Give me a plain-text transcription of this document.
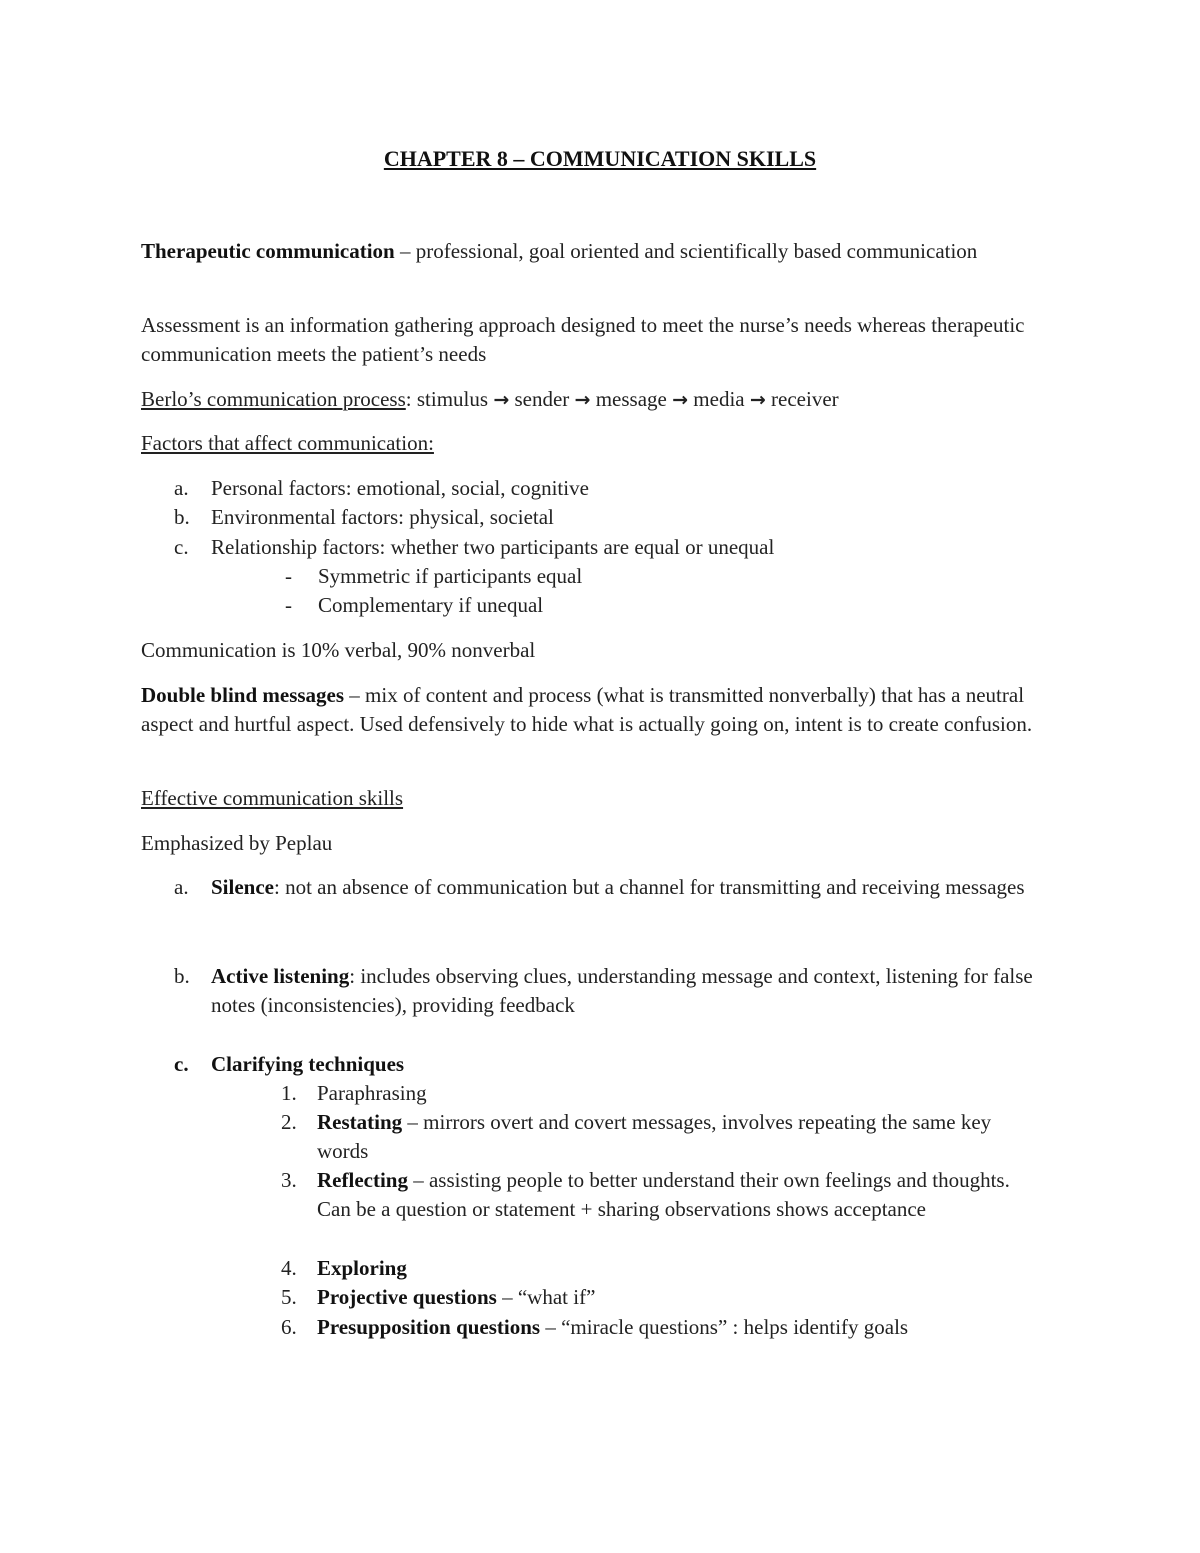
CHAPTER 8 – COMMUNICATION SKILLS
Therapeutic communication – professional, goal oriented and scientifically based communication
Assessment is an information gathering approach designed to meet the nurse’s needs whereas therapeutic communication meets the patient’s needs
Berlo’s communication process: stimulus → sender → message → media → receiver
Factors that affect communication:
a.	Personal factors: emotional, social, cognitive
b.	Environmental factors: physical, societal
c.	Relationship factors: whether two participants are equal or unequal
-	Symmetric if participants equal
-	Complementary if unequal
Communication is 10% verbal, 90% nonverbal
Double blind messages – mix of content and process (what is transmitted nonverbally) that has a neutral aspect and hurtful aspect. Used defensively to hide what is actually going on, intent is to create confusion.
Effective communication skills
Emphasized by Peplau
a.	Silence: not an absence of communication but a channel for transmitting and receiving messages
b.	Active listening: includes observing clues, understanding message and context, listening for false notes (inconsistencies), providing feedback
c.	Clarifying techniques
1. Paraphrasing
2. Restating – mirrors overt and covert messages, involves repeating the same key words
3. Reflecting – assisting people to better understand their own feelings and thoughts. Can be a question or statement + sharing observations shows acceptance
4. Exploring
5. Projective questions – “what if”
6. Presupposition questions – “miracle questions” : helps identify goals
